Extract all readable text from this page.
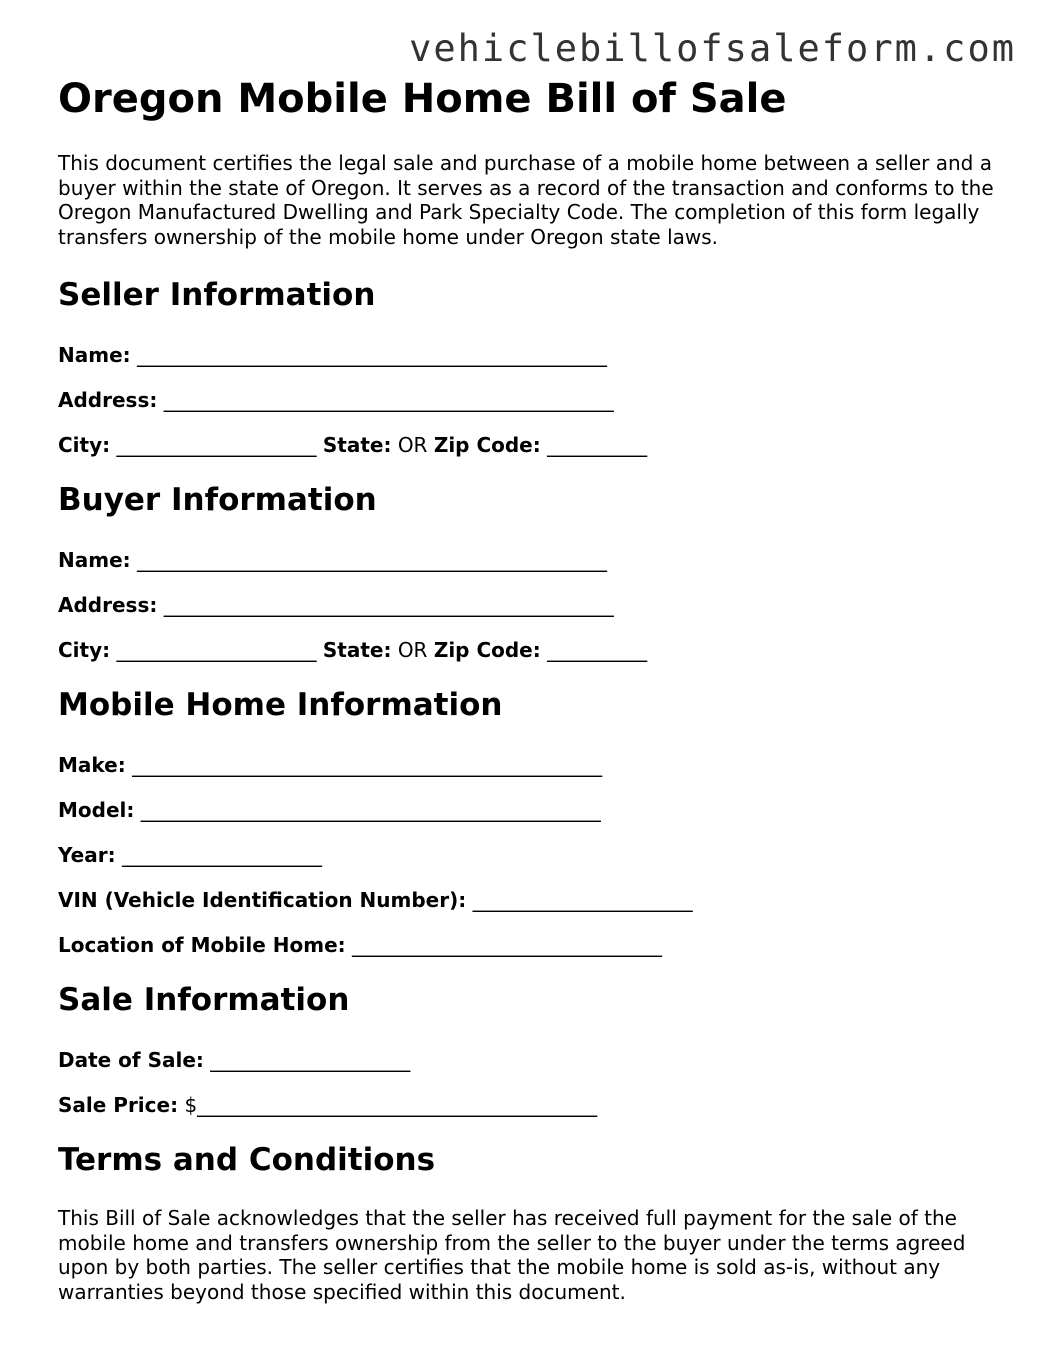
vehiclebillofsaleform.com
Oregon Mobile Home Bill of Sale

This document certifies the legal sale and purchase of a mobile home between a seller and a buyer within the state of Oregon. It serves as a record of the transaction and conforms to the Oregon Manufactured Dwelling and Park Specialty Code. The completion of this form legally transfers ownership of the mobile home under Oregon state laws.

Seller Information
Name: _______________________________________________
Address: _____________________________________________
City: ____________________ State: OR Zip Code: __________
Buyer Information
Name: _______________________________________________
Address: _____________________________________________
City: ____________________ State: OR Zip Code: __________
Mobile Home Information
Make: _______________________________________________
Model: ______________________________________________
Year: ____________________
VIN (Vehicle Identification Number): ______________________
Location of Mobile Home: _______________________________
Sale Information
Date of Sale: ____________________
Sale Price: $________________________________________
Terms and Conditions

This Bill of Sale acknowledges that the seller has received full payment for the sale of the mobile home and transfers ownership from the seller to the buyer under the terms agreed upon by both parties. The seller certifies that the mobile home is sold as-is, without any warranties beyond those specified within this document.
